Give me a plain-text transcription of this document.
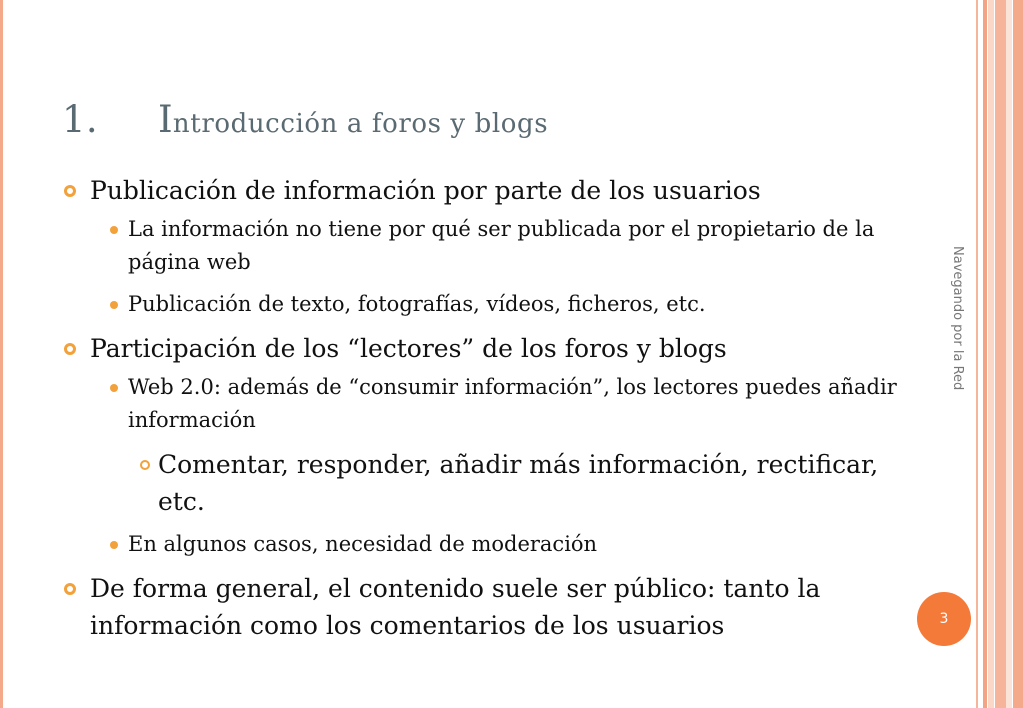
1. Introducción a foros y blogs
Publicación de información por parte de los usuarios
La información no tiene por qué ser publicada por el propietario de la página web
Publicación de texto, fotografías, vídeos, ficheros, etc.
Participación de los “lectores” de los foros y blogs
Web 2.0: además de “consumir información”, los lectores puedes añadir información
Comentar, responder, añadir más información, rectificar, etc.
En algunos casos, necesidad de moderación
De forma general, el contenido suele ser público: tanto la información como los comentarios de los usuarios
Navegando por la Red
3
